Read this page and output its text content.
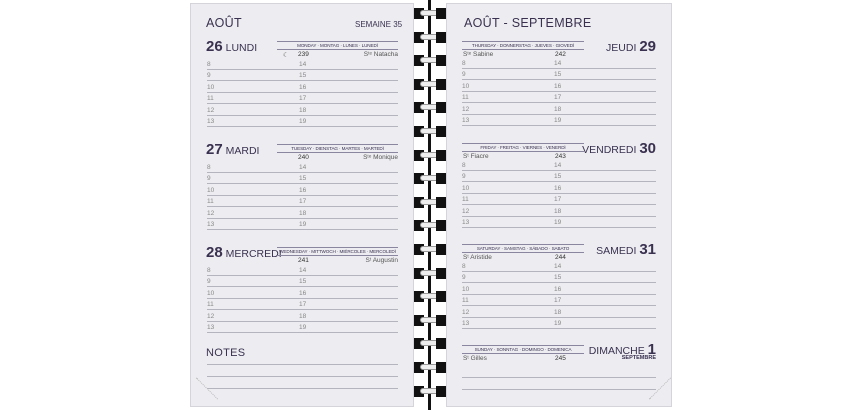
AOÛT	SEMAINE 35	AOÛT - SEPTEMBRE
NOTES
26 LUNDI	MONDAY · MONTAG · LUNES · LUNEDÌ
☾ 239	Sᵗᵉ Natacha
8	14
9	15
10	16
11	17
12	18
13	19
27 MARDI	TUESDAY · DIENSTAG · MARTES · MARTEDÌ
240	Sᵗᵉ Monique
8	14
9	15
10	16
11	17
12	18
13	19
28 MERCREDI
WEDNESDAY · MITTWOCH · MIÉRCOLES · MERCOLEDÌ
241	Sᵗ Augustin
8	14
9	15
10	16
11	17
12	18
13	19
JEUDI 29
THURSDAY · DONNERSTAG · JUEVES · GIOVEDÌ
Sᵗᵉ Sabine	242
8	14
9	15
10	16
11	17
12	18
13	19
VENDREDI 30
FRIDAY · FREITAG · VIERNES · VENERDÌ
Sᵗ Fiacre	243
8	14
9	15
10	16
11	17
12	18
13	19
SAMEDI 31
SATURDAY · SAMSTAG · SÁBADO · SABATO
Sᵗ Aristide	244
8	14
9	15
10	16
11	17
12	18
13	19
DIMANCHE 1
SEPTEMBRE
SUNDAY · SONNTAG · DOMINGO · DOMENICA
Sᵗ Gilles	245
